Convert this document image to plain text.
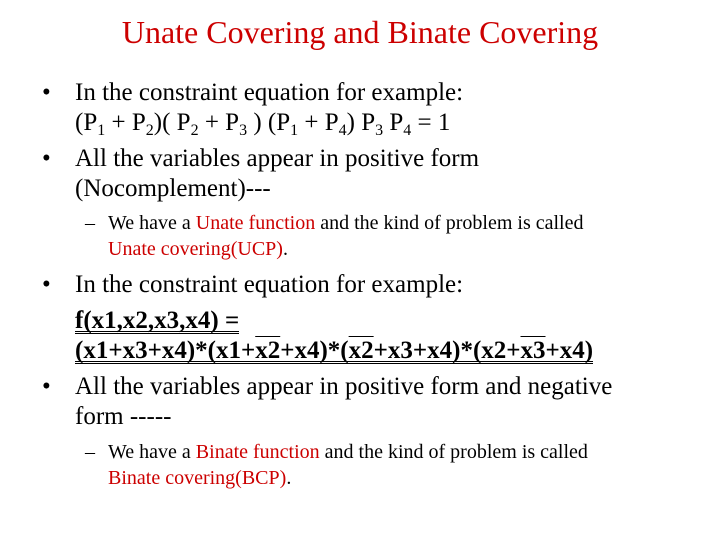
Unate Covering and Binate Covering
• In the constraint equation for example:
$(P_1 + P_2)$( $P_2 + P_3$ ) $(P_1 + P_4)$ $P_3$ $P_4 = 1$
• All the variables appear in positive form
(Nocomplement)---
– We have a Unate function and the kind of problem is called
Unate covering(UCP).
• In the constraint equation for example:
f(x1,x2,x3,x4) =
(x1+x3+x4)*(x1+x2+x4)*(x2+x3+x4)*(x2+x3+x4)
• All the variables appear in positive form and negative
form -----
– We have a Binate function and the kind of problem is called
Binate covering(BCP).
